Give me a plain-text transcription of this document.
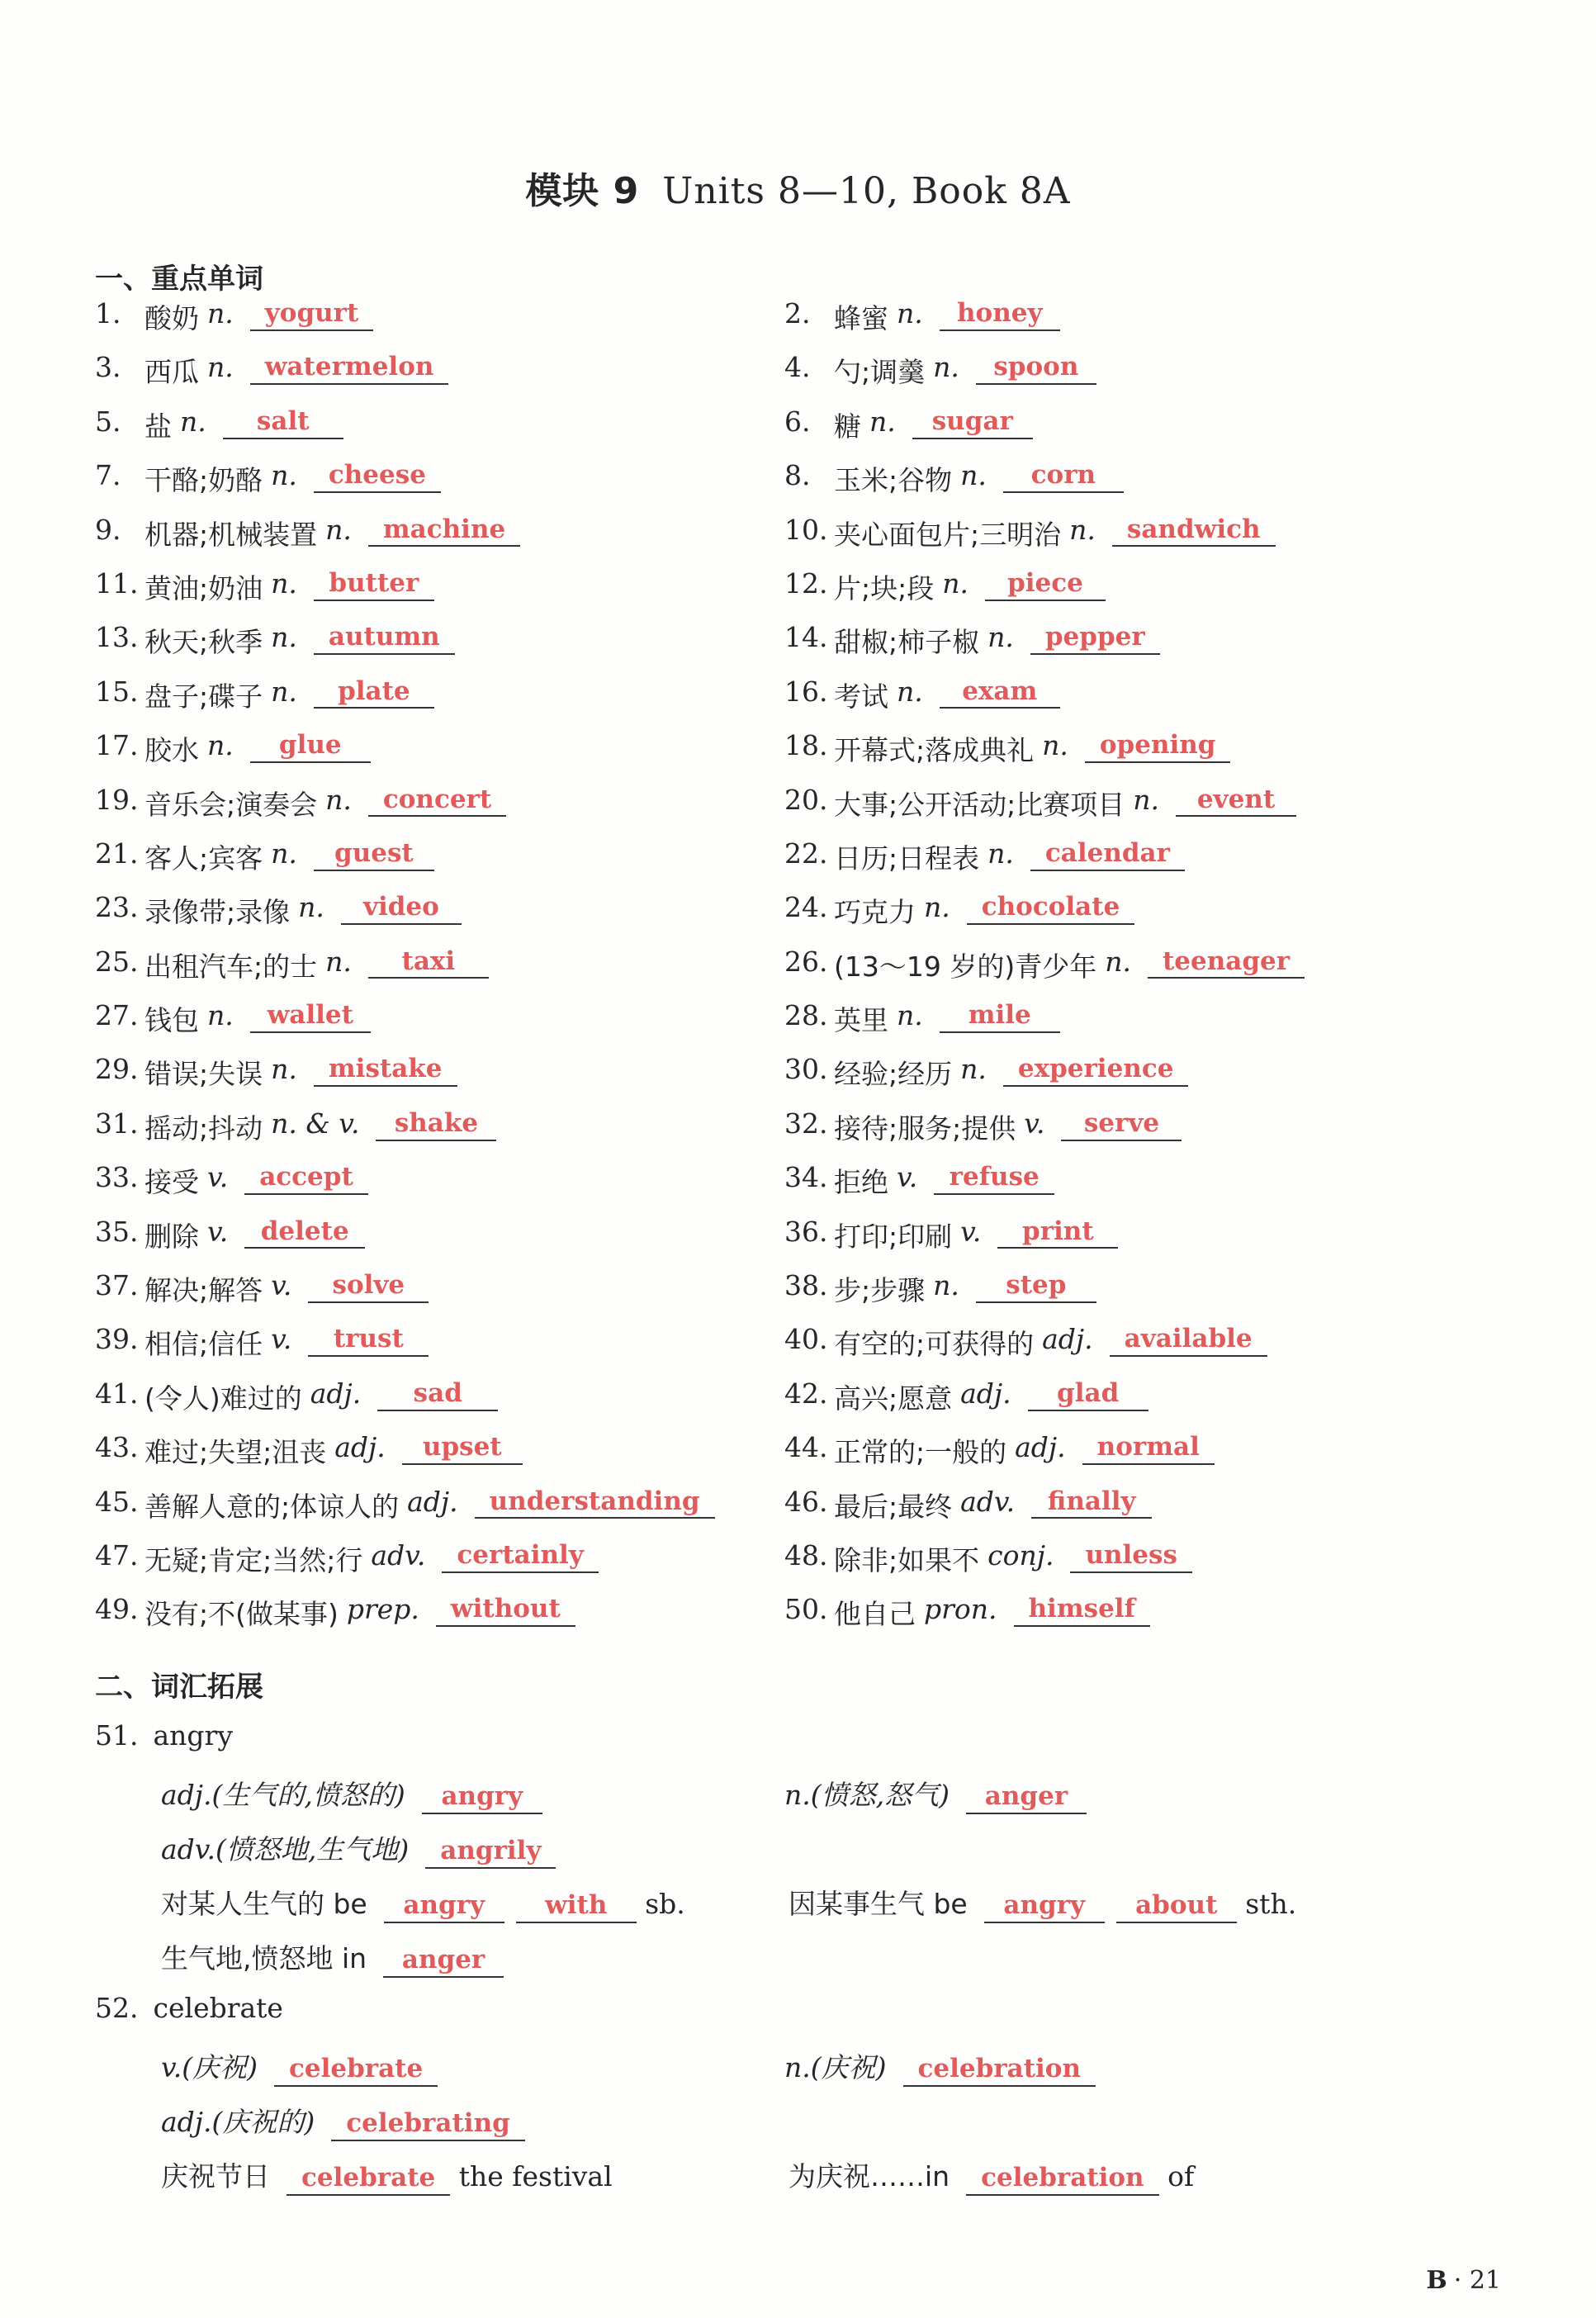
模块 9 Units 8—10, Book 8A
一、重点单词
1. 酸奶 n.	yogurt	2. 蜂蜜 n.	honey
3. 西瓜 n.	watermelon	4. 勺;调羹 n.	spoon
5. 盐 n.	salt	6. 糖 n.	sugar
7. 干酪;奶酪 n.	cheese	8. 玉米;谷物 n.	corn
9. 机器;机械装置 n.	machine	10. 夹心面包片;三明治 n.	sandwich
11. 黄油;奶油 n.	butter	12. 片;块;段 n.	piece
13. 秋天;秋季 n.	autumn	14. 甜椒;柿子椒 n.	pepper
15. 盘子;碟子 n.	plate	16. 考试 n.	exam
17. 胶水 n.	glue	18. 开幕式;落成典礼 n.	opening
19. 音乐会;演奏会 n.	concert	20. 大事;公开活动;比赛项目 n.	event
21. 客人;宾客 n.	guest	22. 日历;日程表 n.	calendar
23. 录像带;录像 n.	video	24. 巧克力 n.	chocolate
25. 出租汽车;的士 n.	taxi	26. (13～19 岁的)青少年 n.	teenager
27. 钱包 n.	wallet	28. 英里 n.	mile
29. 错误;失误 n.	mistake	30. 经验;经历 n.	experience
31. 摇动;抖动 n. & v.	shake	32. 接待;服务;提供 v.	serve
33. 接受 v.	accept	34. 拒绝 v.	refuse
35. 删除 v.	delete	36. 打印;印刷 v.	print
37. 解决;解答 v.	solve	38. 步;步骤 n.	step
39. 相信;信任 v.	trust	40. 有空的;可获得的 adj.	available
41. (令人)难过的 adj.	sad	42. 高兴;愿意 adj.	glad
43. 难过;失望;沮丧 adj.	upset	44. 正常的;一般的 adj.	normal
45. 善解人意的;体谅人的 adj.	understanding	46. 最后;最终 adv.	finally
47. 无疑;肯定;当然;行 adv.	certainly	48. 除非;如果不 conj.	unless
49. 没有;不(做某事) prep.	without	50. 他自己 pron.	himself
二、词汇拓展
51. angry
adj.(生气的,愤怒的) angry	n.(愤怒,怒气) anger
adv.(愤怒地,生气地) angrily
对某人生气的 be angry with sb.	因某事生气 be angry about sth.
生气地,愤怒地 in anger
52. celebrate
v.(庆祝) celebrate	n.(庆祝) celebration
adj.(庆祝的) celebrating
庆祝节日 celebrate the festival	为庆祝……in celebration of
B · 21
